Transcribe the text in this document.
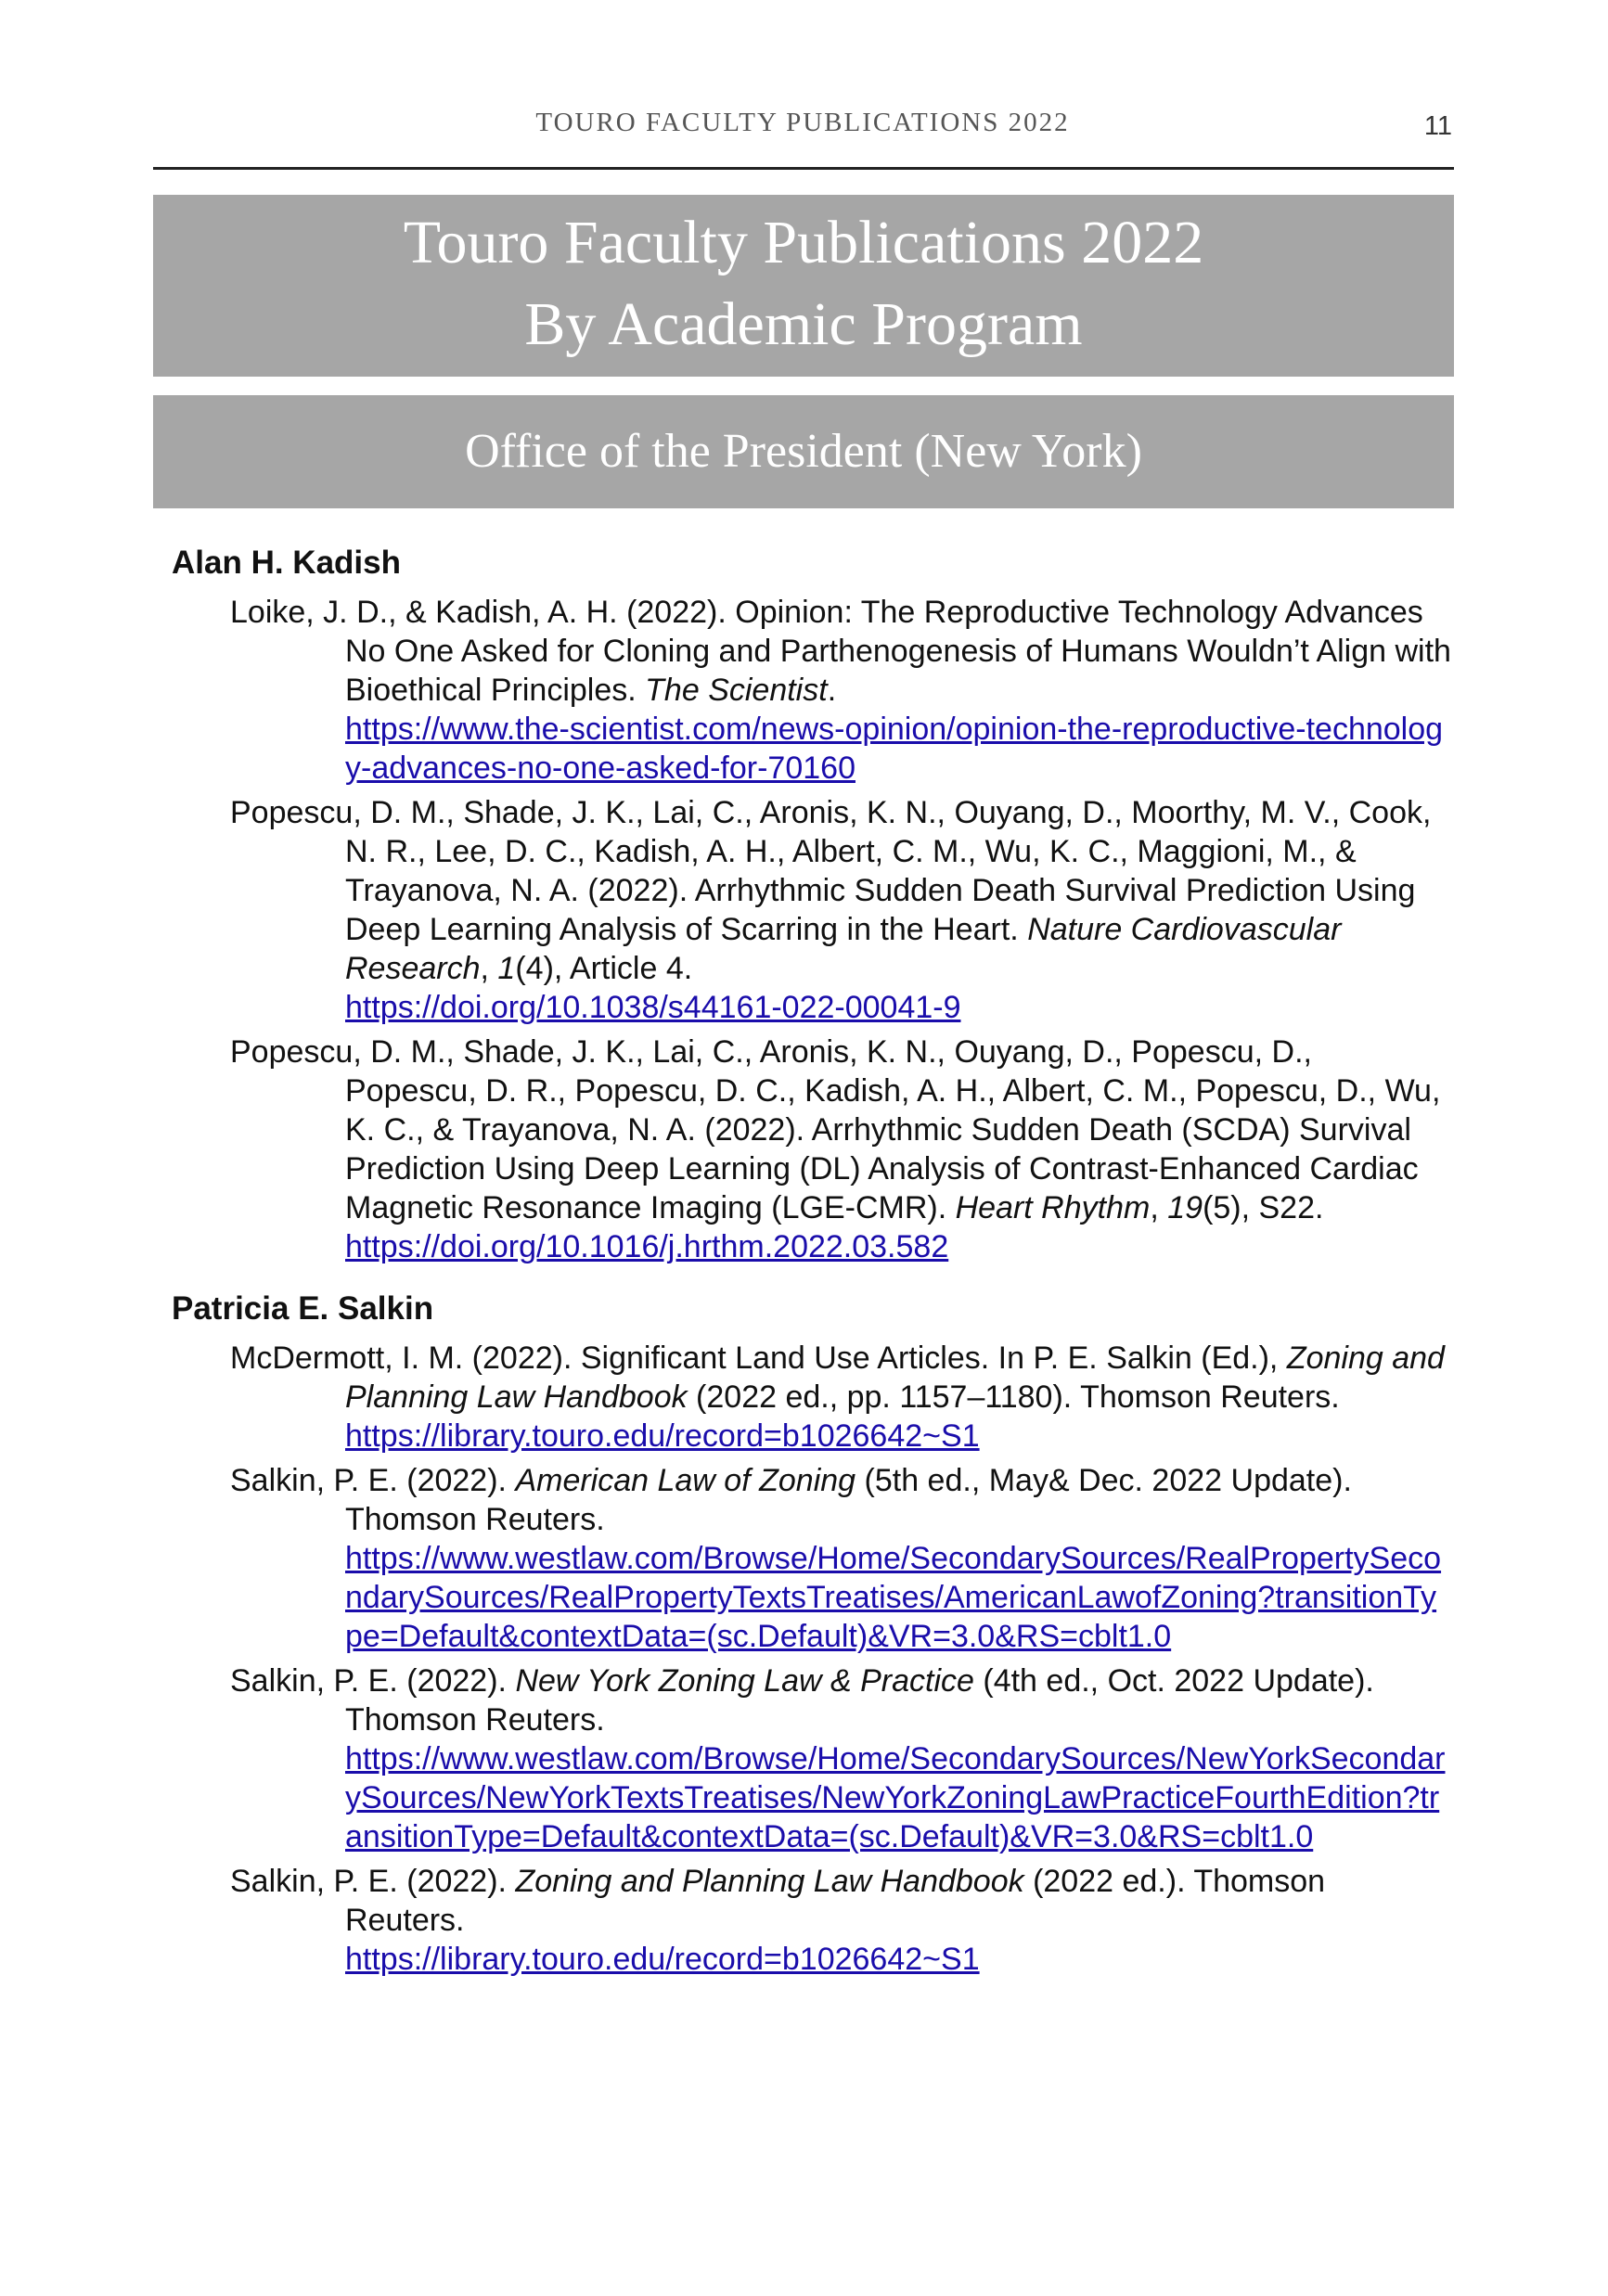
TOURO FACULTY PUBLICATIONS 2022	11
Touro Faculty Publications 2022
By Academic Program
Office of the President (New York)

Alan H. Kadish

Loike, J. D., & Kadish, A. H. (2022). Opinion: The Reproductive Technology Advances No One Asked for Cloning and Parthenogenesis of Humans Wouldn’t Align with Bioethical Principles. The Scientist.
https://www.the-scientist.com/news-opinion/opinion-the-reproductive-technology-advances-no-one-asked-for-70160

Popescu, D. M., Shade, J. K., Lai, C., Aronis, K. N., Ouyang, D., Moorthy, M. V., Cook, N. R., Lee, D. C., Kadish, A. H., Albert, C. M., Wu, K. C., Maggioni, M., & Trayanova, N. A. (2022). Arrhythmic Sudden Death Survival Prediction Using Deep Learning Analysis of Scarring in the Heart. Nature Cardiovascular Research, 1(4), Article 4.
https://doi.org/10.1038/s44161-022-00041-9

Popescu, D. M., Shade, J. K., Lai, C., Aronis, K. N., Ouyang, D., Popescu, D., Popescu, D. R., Popescu, D. C., Kadish, A. H., Albert, C. M., Popescu, D., Wu, K. C., & Trayanova, N. A. (2022). Arrhythmic Sudden Death (SCDA) Survival Prediction Using Deep Learning (DL) Analysis of Contrast-Enhanced Cardiac Magnetic Resonance Imaging (LGE-CMR). Heart Rhythm, 19(5), S22.
https://doi.org/10.1016/j.hrthm.2022.03.582

Patricia E. Salkin

McDermott, I. M. (2022). Significant Land Use Articles. In P. E. Salkin (Ed.), Zoning and Planning Law Handbook (2022 ed., pp. 1157–1180). Thomson Reuters.
https://library.touro.edu/record=b1026642~S1

Salkin, P. E. (2022). American Law of Zoning (5th ed., May& Dec. 2022 Update). Thomson Reuters.
https://www.westlaw.com/Browse/Home/SecondarySources/RealPropertySecondarySources/RealPropertyTextsTreatises/AmericanLawofZoning?transitionType=Default&contextData=(sc.Default)&VR=3.0&RS=cblt1.0

Salkin, P. E. (2022). New York Zoning Law & Practice (4th ed., Oct. 2022 Update). Thomson Reuters.
https://www.westlaw.com/Browse/Home/SecondarySources/NewYorkSecondarySources/NewYorkTextsTreatises/NewYorkZoningLawPracticeFourthEdition?transitionType=Default&contextData=(sc.Default)&VR=3.0&RS=cblt1.0

Salkin, P. E. (2022). Zoning and Planning Law Handbook (2022 ed.). Thomson Reuters.
https://library.touro.edu/record=b1026642~S1
